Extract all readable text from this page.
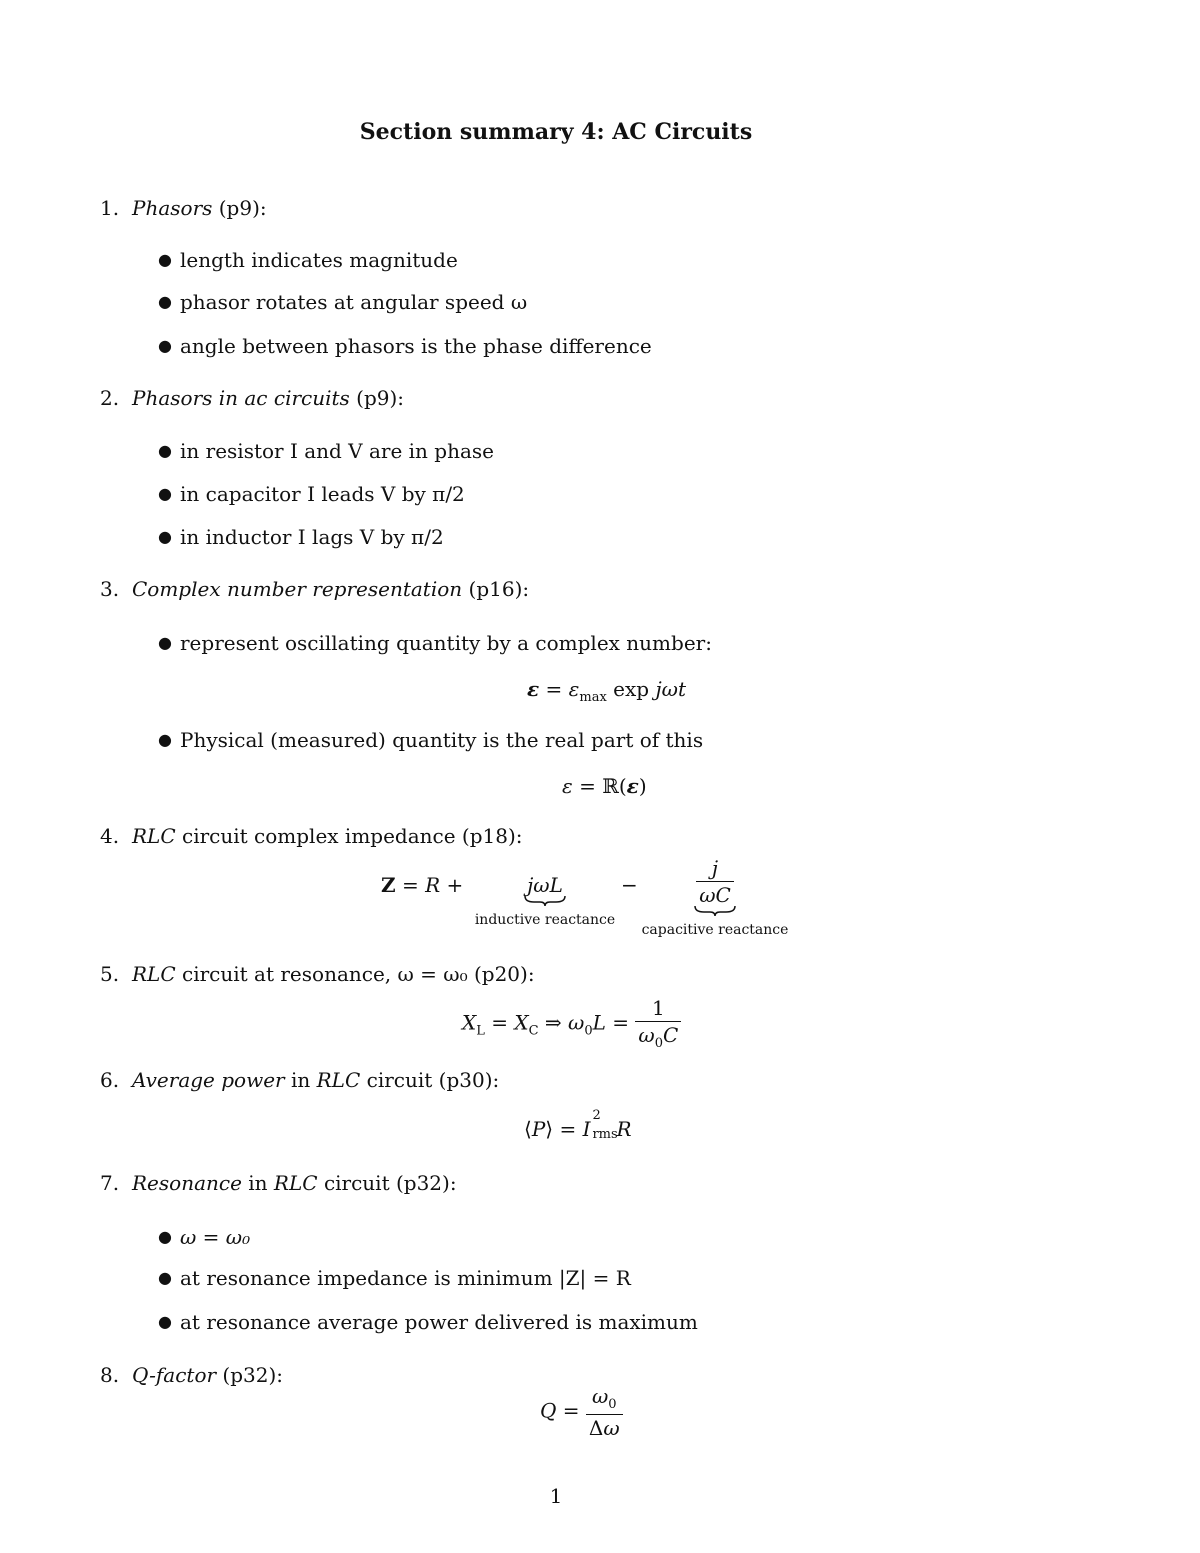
Section summary 4: AC Circuits
1. Phasors (p9):
● length indicates magnitude
● phasor rotates at angular speed ω
● angle between phasors is the phase difference
2. Phasors in ac circuits (p9):
● in resistor I and V are in phase
● in capacitor I leads V by π/2
● in inductor I lags V by π/2
3. Complex number representation (p16):
● represent oscillating quantity by a complex number:
$\varepsilon = \varepsilon_{max}$ exp jωt
● Physical (measured) quantity is the real part of this
ε = ℝ(ε)
4. RLC circuit complex impedance (p18):
Z = R +	jωL
inductive reactance
−	$\frac{j}{\omega C}$
capacitive reactance
5. RLC circuit at resonance, ω = ω₀ (p20):
$X_L = X_C$ ⇒ $\omega_0L = \frac{1}{\omega_0C}$
6. Average power in RLC circuit (p30):
⟨P⟩ = I
2
rms
R
7. Resonance in RLC circuit (p32):
● ω = ω₀
● at resonance impedance is minimum |Z| = R
● at resonance average power delivered is maximum
8. Q-factor (p32):
$Q = \frac{\omega_0}{\Delta\omega}$
1
